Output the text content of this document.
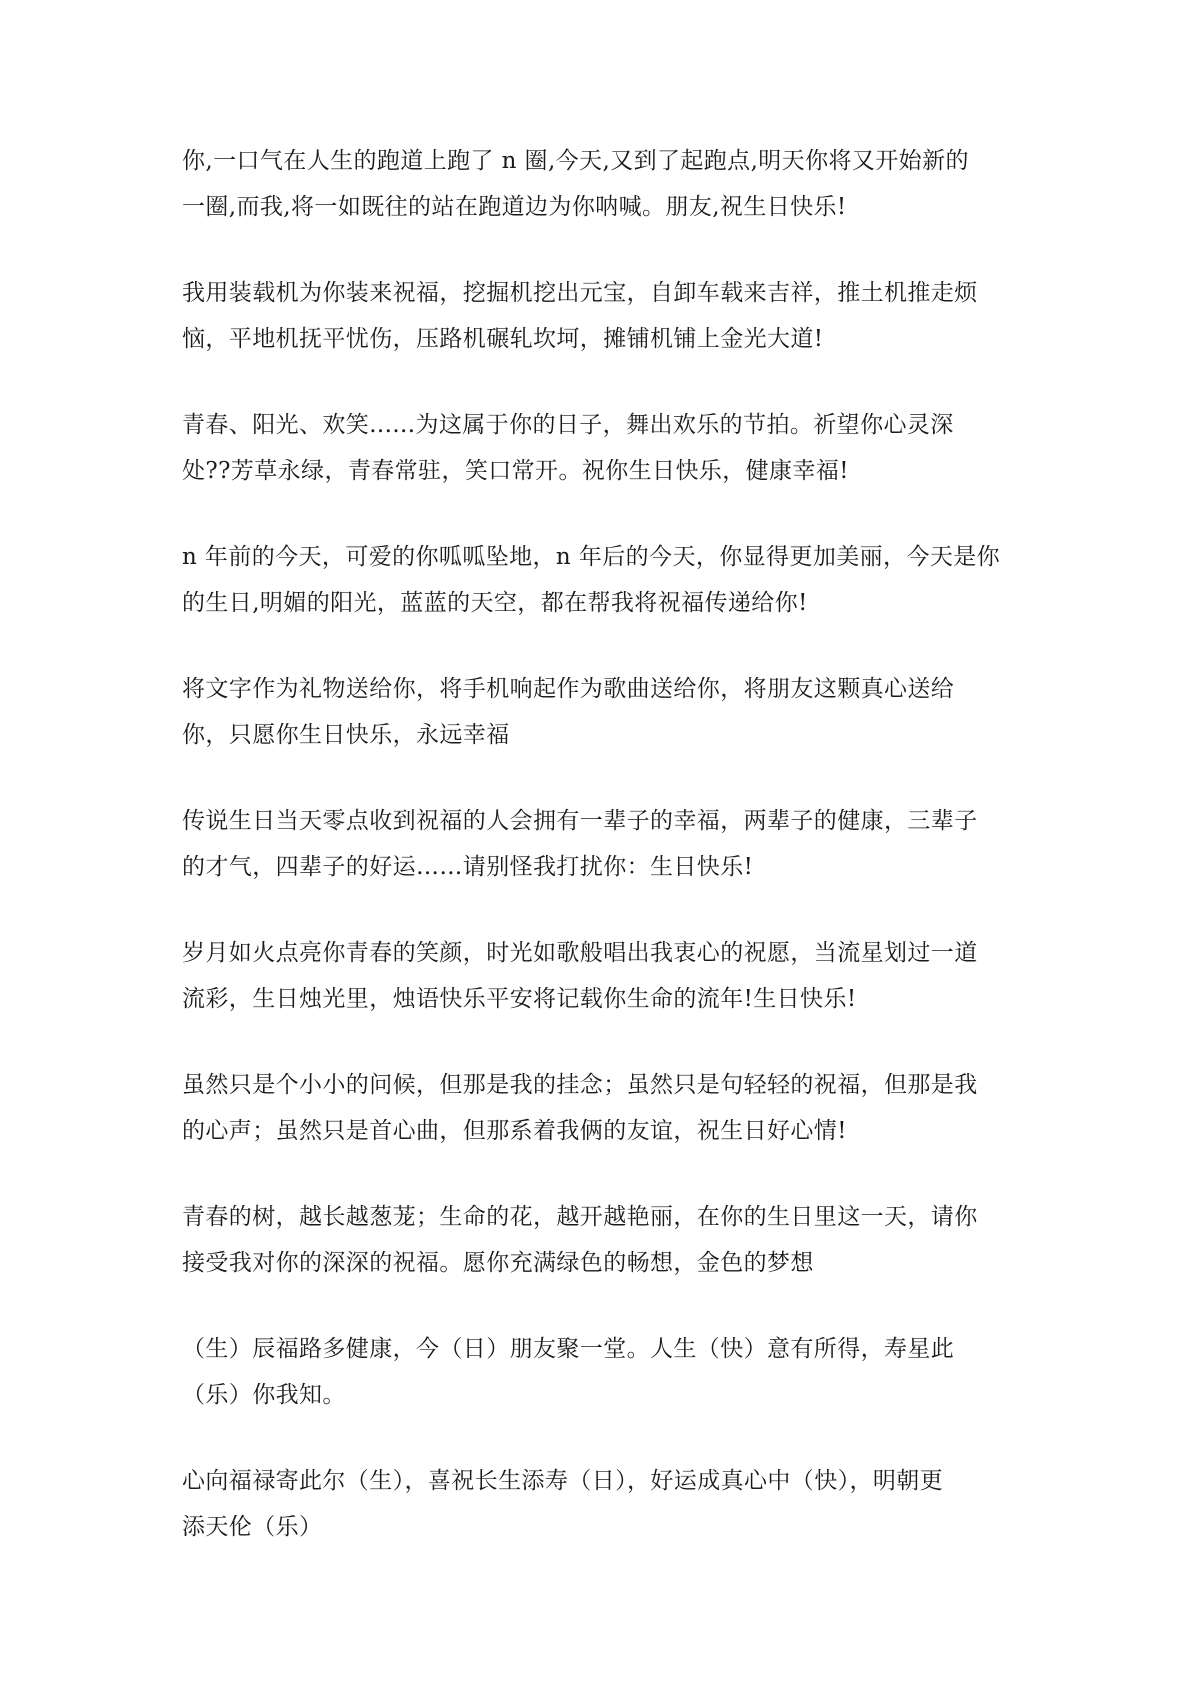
你,一口气在人生的跑道上跑了 n 圈,今天,又到了起跑点,明天你将又开始新的
一圈,而我,将一如既往的站在跑道边为你呐喊。朋友,祝生日快乐!
我用装载机为你装来祝福，挖掘机挖出元宝，自卸车载来吉祥，推土机推走烦
恼，平地机抚平忧伤，压路机碾轧坎坷，摊铺机铺上金光大道!
青春、阳光、欢笑......为这属于你的日子，舞出欢乐的节拍。祈望你心灵深
处??芳草永绿，青春常驻，笑口常开。祝你生日快乐，健康幸福!
n 年前的今天，可爱的你呱呱坠地，n 年后的今天，你显得更加美丽，今天是你
的生日,明媚的阳光，蓝蓝的天空，都在帮我将祝福传递给你!
将文字作为礼物送给你，将手机响起作为歌曲送给你，将朋友这颗真心送给
你，只愿你生日快乐，永远幸福
传说生日当天零点收到祝福的人会拥有一辈子的幸福，两辈子的健康，三辈子
的才气，四辈子的好运……请别怪我打扰你：生日快乐!
岁月如火点亮你青春的笑颜，时光如歌般唱出我衷心的祝愿，当流星划过一道
流彩，生日烛光里，烛语快乐平安将记载你生命的流年!生日快乐!
虽然只是个小小的问候，但那是我的挂念；虽然只是句轻轻的祝福，但那是我
的心声；虽然只是首心曲，但那系着我俩的友谊，祝生日好心情!
青春的树，越长越葱茏；生命的花，越开越艳丽，在你的生日里这一天，请你
接受我对你的深深的祝福。愿你充满绿色的畅想，金色的梦想
（生）辰福路多健康，今（日）朋友聚一堂。人生（快）意有所得，寿星此
（乐）你我知。
心向福禄寄此尔（生），喜祝长生添寿（日），好运成真心中（快），明朝更
添天伦（乐）
